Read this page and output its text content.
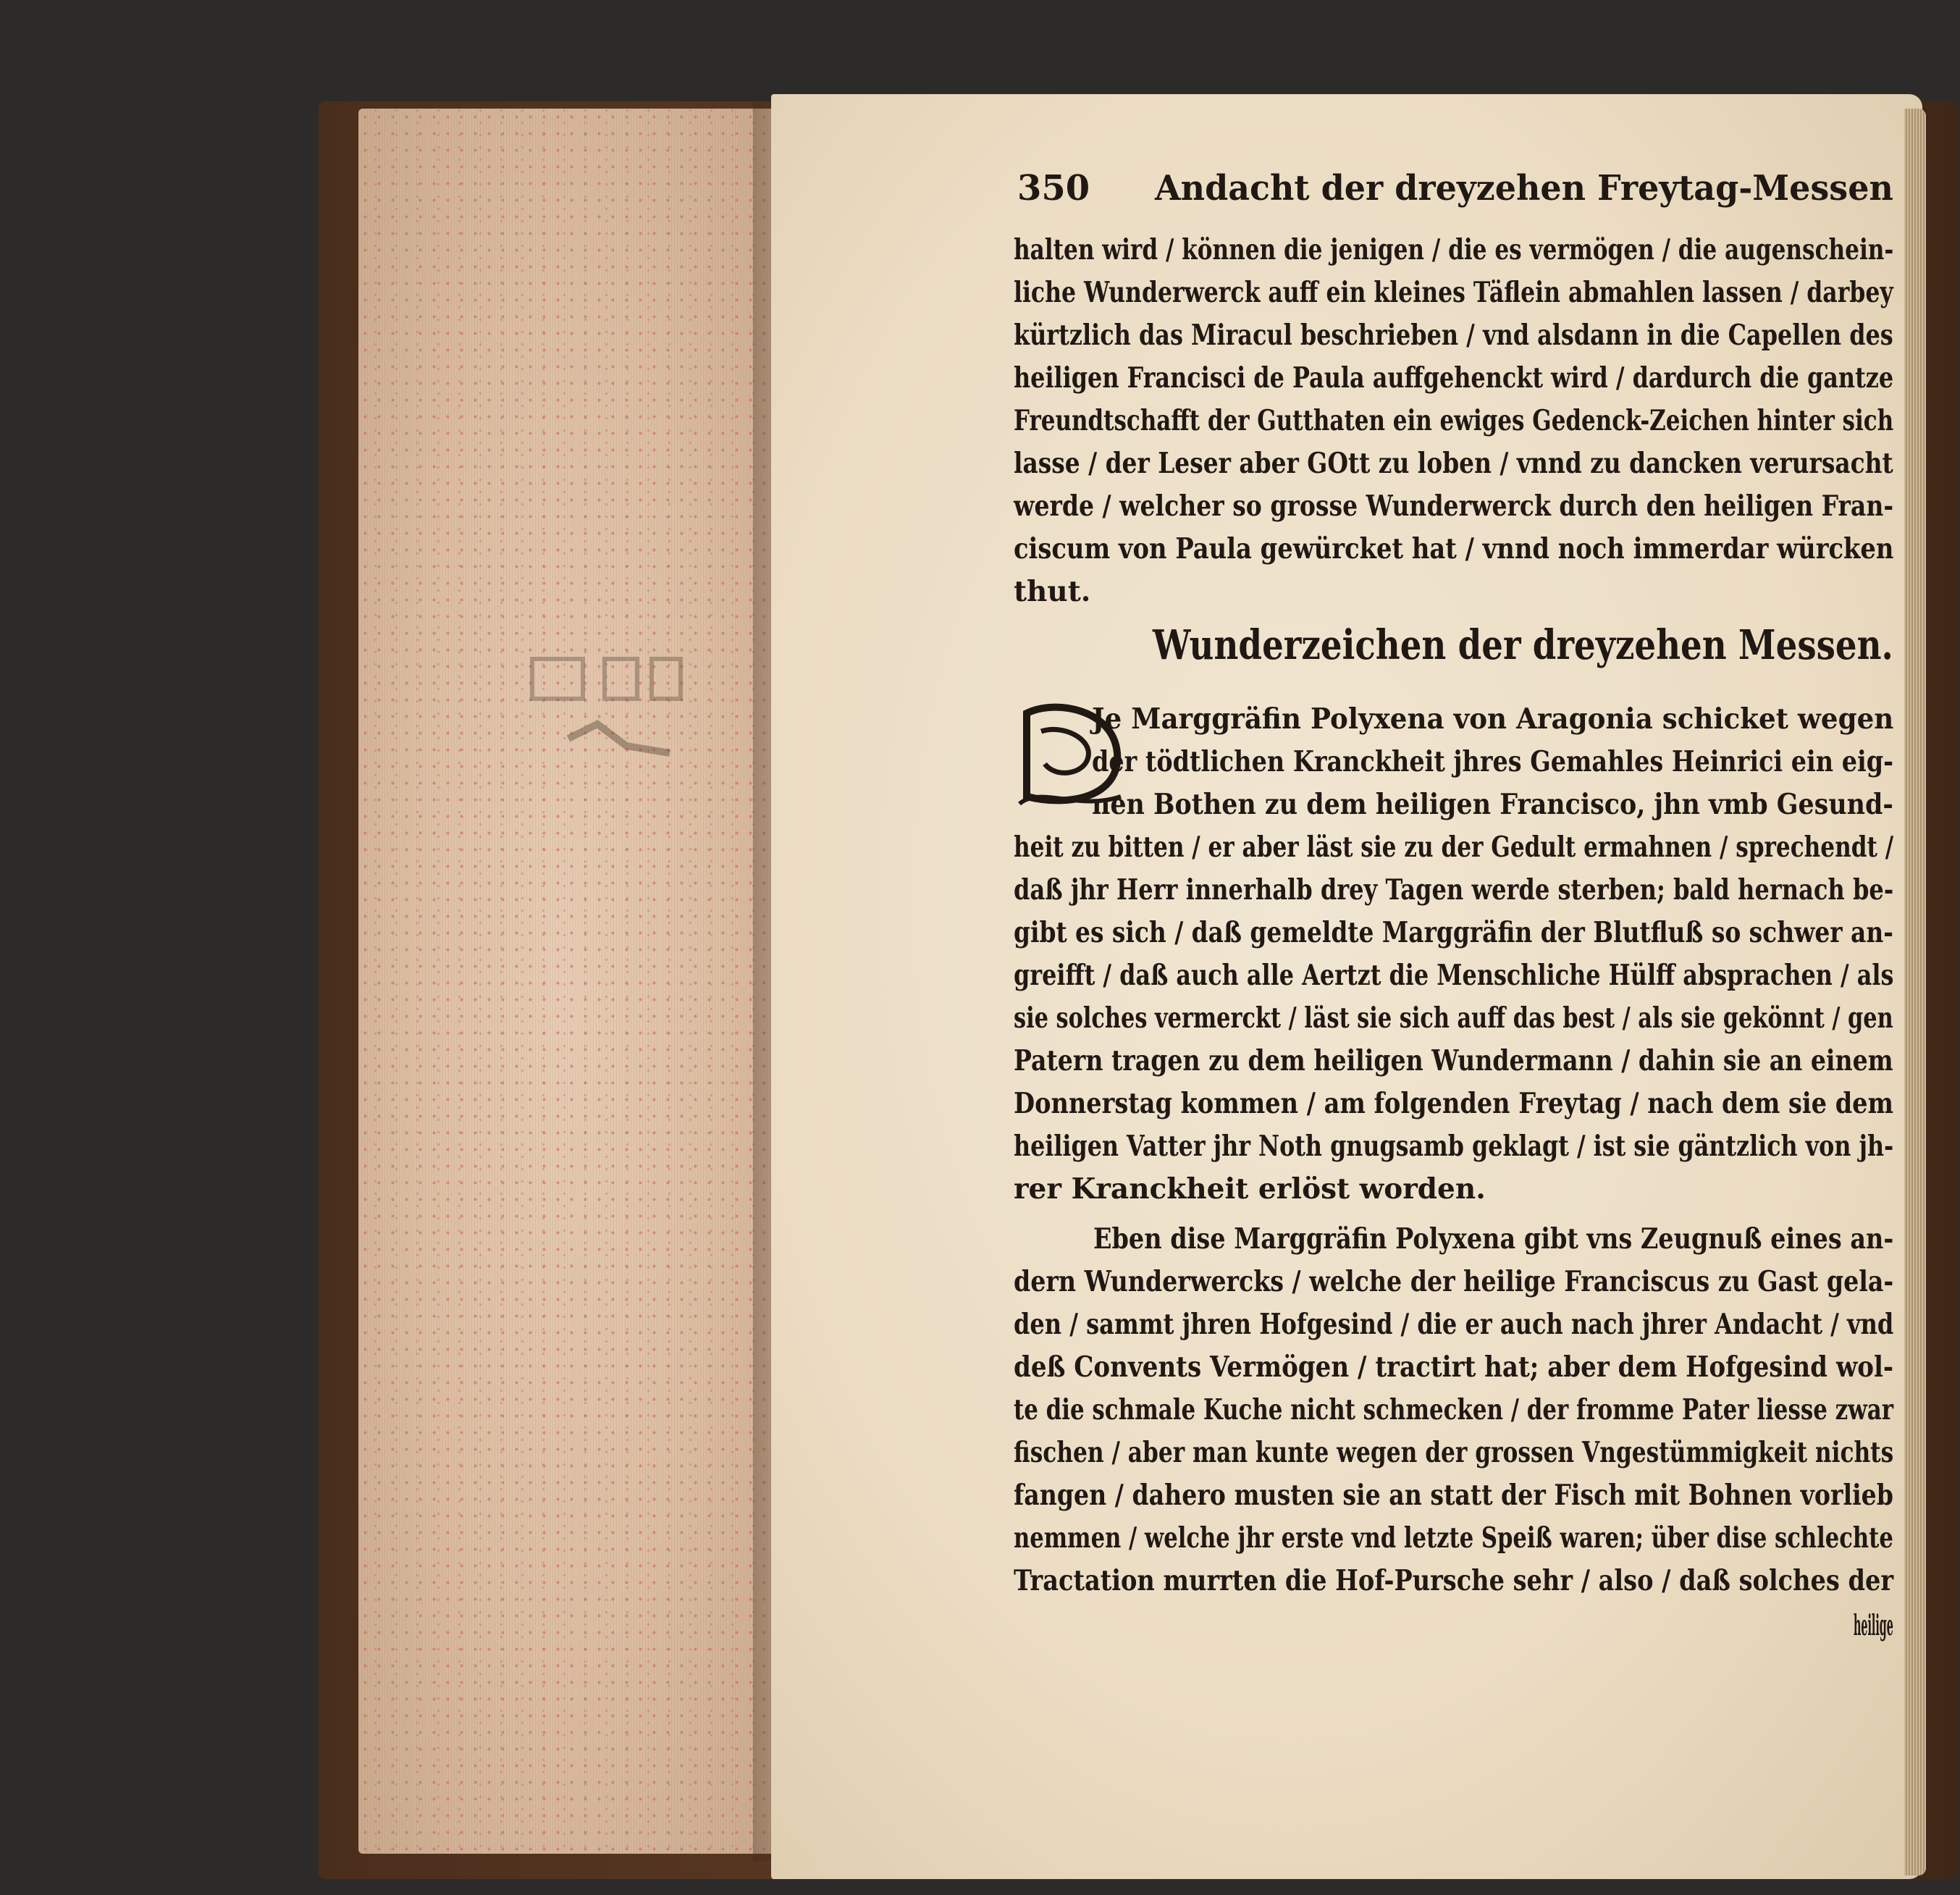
350 Andacht der dreyzehen Freytag-Messen
halten wird / können die jenigen / die es vermögen / die augenschein-
liche Wunderwerck auff ein kleines Täflein abmahlen lassen / darbey
kürtzlich das Miracul beschrieben / vnd alsdann in die Capellen des
heiligen Francisci de Paula auffgehenckt wird / dardurch die gantze
Freundtschafft der Gutthaten ein ewiges Gedenck-Zeichen hinter sich
lasse / der Leser aber GOtt zu loben / vnnd zu dancken verursacht
werde / welcher so grosse Wunderwerck durch den heiligen Fran-
ciscum von Paula gewürcket hat / vnnd noch immerdar würcken
thut.
Wunderzeichen der dreyzehen Messen.
Je Marggräfin Polyxena von Aragonia schicket wegen
der tödtlichen Kranckheit jhres Gemahles Heinrici ein eig-
nen Bothen zu dem heiligen Francisco, jhn vmb Gesund-
heit zu bitten / er aber läst sie zu der Gedult ermahnen / sprechendt /
daß jhr Herr innerhalb drey Tagen werde sterben; bald hernach be-
gibt es sich / daß gemeldte Marggräfin der Blutfluß so schwer an-
greifft / daß auch alle Aertzt die Menschliche Hülff absprachen / als
sie solches vermerckt / läst sie sich auff das best / als sie gekönnt / gen
Patern tragen zu dem heiligen Wundermann / dahin sie an einem
Donnerstag kommen / am folgenden Freytag / nach dem sie dem
heiligen Vatter jhr Noth gnugsamb geklagt / ist sie gäntzlich von jh-
rer Kranckheit erlöst worden.
Eben dise Marggräfin Polyxena gibt vns Zeugnuß eines an-
dern Wunderwercks / welche der heilige Franciscus zu Gast gela-
den / sammt jhren Hofgesind / die er auch nach jhrer Andacht / vnd
deß Convents Vermögen / tractirt hat; aber dem Hofgesind wol-
te die schmale Kuche nicht schmecken / der fromme Pater liesse zwar
fischen / aber man kunte wegen der grossen Vngestümmigkeit nichts
fangen / dahero musten sie an statt der Fisch mit Bohnen vorlieb
nemmen / welche jhr erste vnd letzte Speiß waren; über dise schlechte
Tractation murrten die Hof-Pursche sehr / also / daß solches der
heilige
